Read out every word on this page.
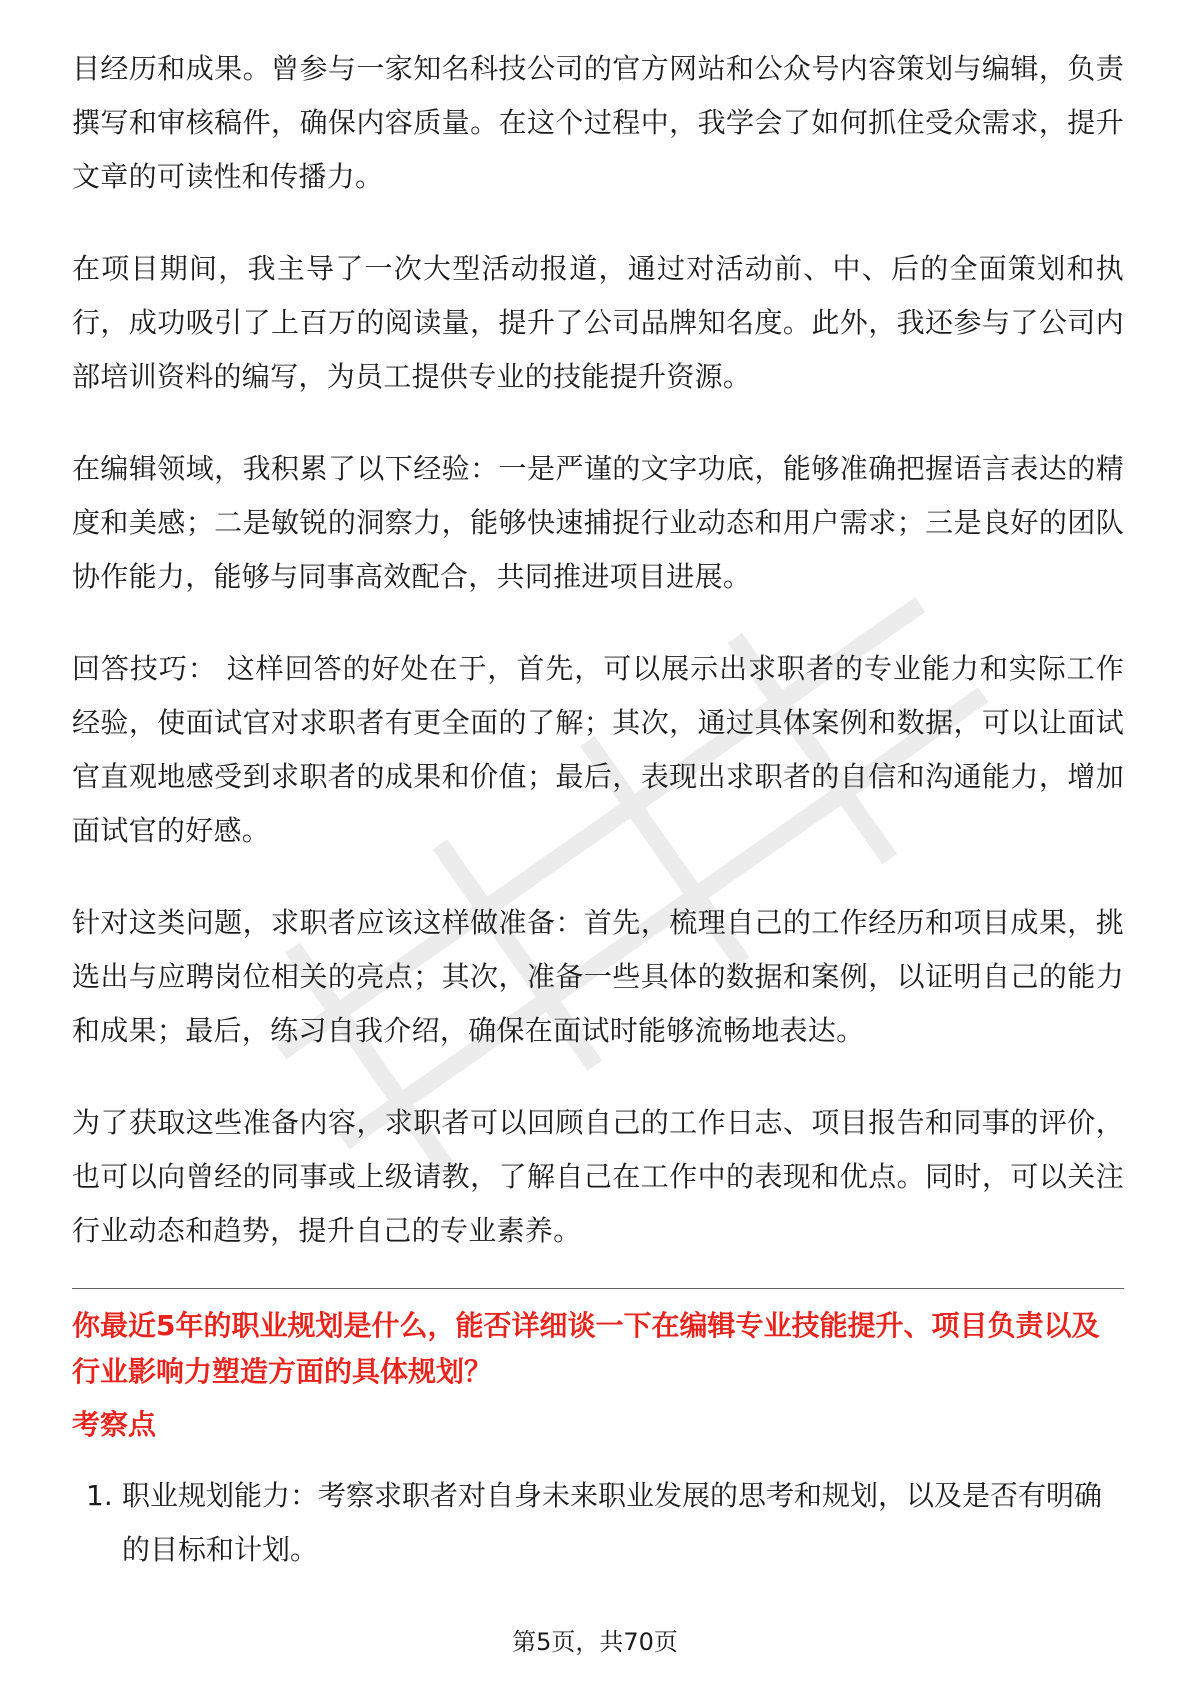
目经历和成果。曾参与一家知名科技公司的官方网站和公众号内容策划与编辑，负责撰写和审核稿件，确保内容质量。在这个过程中，我学会了如何抓住受众需求，提升文章的可读性和传播力。

在项目期间，我主导了一次大型活动报道，通过对活动前、中、后的全面策划和执行，成功吸引了上百万的阅读量，提升了公司品牌知名度。此外，我还参与了公司内部培训资料的编写，为员工提供专业的技能提升资源。

在编辑领域，我积累了以下经验：一是严谨的文字功底，能够准确把握语言表达的精度和美感；二是敏锐的洞察力，能够快速捕捉行业动态和用户需求；三是良好的团队协作能力，能够与同事高效配合，共同推进项目进展。

回答技巧： 这样回答的好处在于，首先，可以展示出求职者的专业能力和实际工作经验，使面试官对求职者有更全面的了解；其次，通过具体案例和数据，可以让面试官直观地感受到求职者的成果和价值；最后，表现出求职者的自信和沟通能力，增加面试官的好感。

针对这类问题，求职者应该这样做准备：首先，梳理自己的工作经历和项目成果，挑选出与应聘岗位相关的亮点；其次，准备一些具体的数据和案例，以证明自己的能力和成果；最后，练习自我介绍，确保在面试时能够流畅地表达。

为了获取这些准备内容，求职者可以回顾自己的工作日志、项目报告和同事的评价，也可以向曾经的同事或上级请教，了解自己在工作中的表现和优点。同时，可以关注行业动态和趋势，提升自己的专业素养。

你最近5年的职业规划是什么，能否详细谈一下在编辑专业技能提升、项目负责以及行业影响力塑造方面的具体规划？

考察点

1. 职业规划能力：考察求职者对自身未来职业发展的思考和规划，以及是否有明确的目标和计划。
第5页，共70页
